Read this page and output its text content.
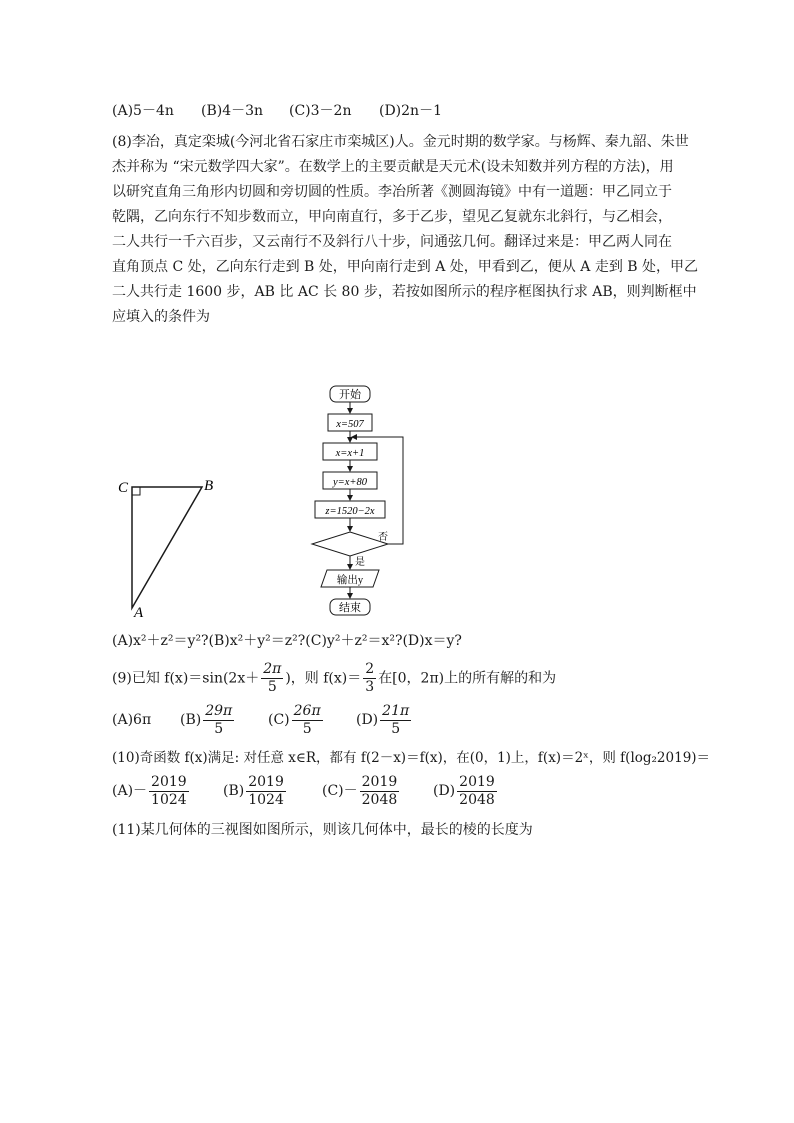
(A)5－4n (B)4－3n (C)3－2n (D)2n－1
(8)李冶，真定栾城(今河北省石家庄市栾城区)人。金元时期的数学家。与杨辉、秦九韶、朱世
杰并称为 “宋元数学四大家”。在数学上的主要贡献是天元术(设未知数并列方程的方法)，用
以研究直角三角形内切圆和旁切圆的性质。李冶所著《测圆海镜》中有一道题：甲乙同立于
乾隅，乙向东行不知步数而立，甲向南直行，多于乙步，望见乙复就东北斜行，与乙相会，
二人共行一千六百步，又云南行不及斜行八十步，问通弦几何。翻译过来是：甲乙两人同在
直角顶点 C 处，乙向东行走到 B 处，甲向南行走到 A 处，甲看到乙，便从 A 走到 B 处，甲乙
二人共行走 1600 步，AB 比 AC 长 80 步，若按如图所示的程序框图执行求 AB，则判断框中
应填入的条件为
C	B
A
开始
x=507
x=x+1
y=x+80
z=1520−2x
否
是
输出y
结束
(A)x²＋z²＝y²?(B)x²＋y²＝z²?(C)y²＋z²＝x²?(D)x＝y?
(9)已知 $f(x)=\sin(2x+ \frac{2\pi}{5}$ )，则 $f(x)= \frac{2}{3}$ 在[0，2π)上的所有解的和为
(A)6π $(B) \frac{29\pi}{5} (C) \frac{26\pi}{5} (D) \frac{21\pi}{5}$
(10)奇函数 f(x)满足: 对任意 x∈R，都有 f(2－x)＝f(x)，在(0，1)上，f(x)＝2ˣ，则 f(log₂2019)＝
$(A)- \frac{2019}{1024} (B) \frac{2019}{1024}$	$(C)- \frac{2019}{2048} (D) \frac{2019}{2048}$
(11)某几何体的三视图如图所示，则该几何体中，最长的棱的长度为
